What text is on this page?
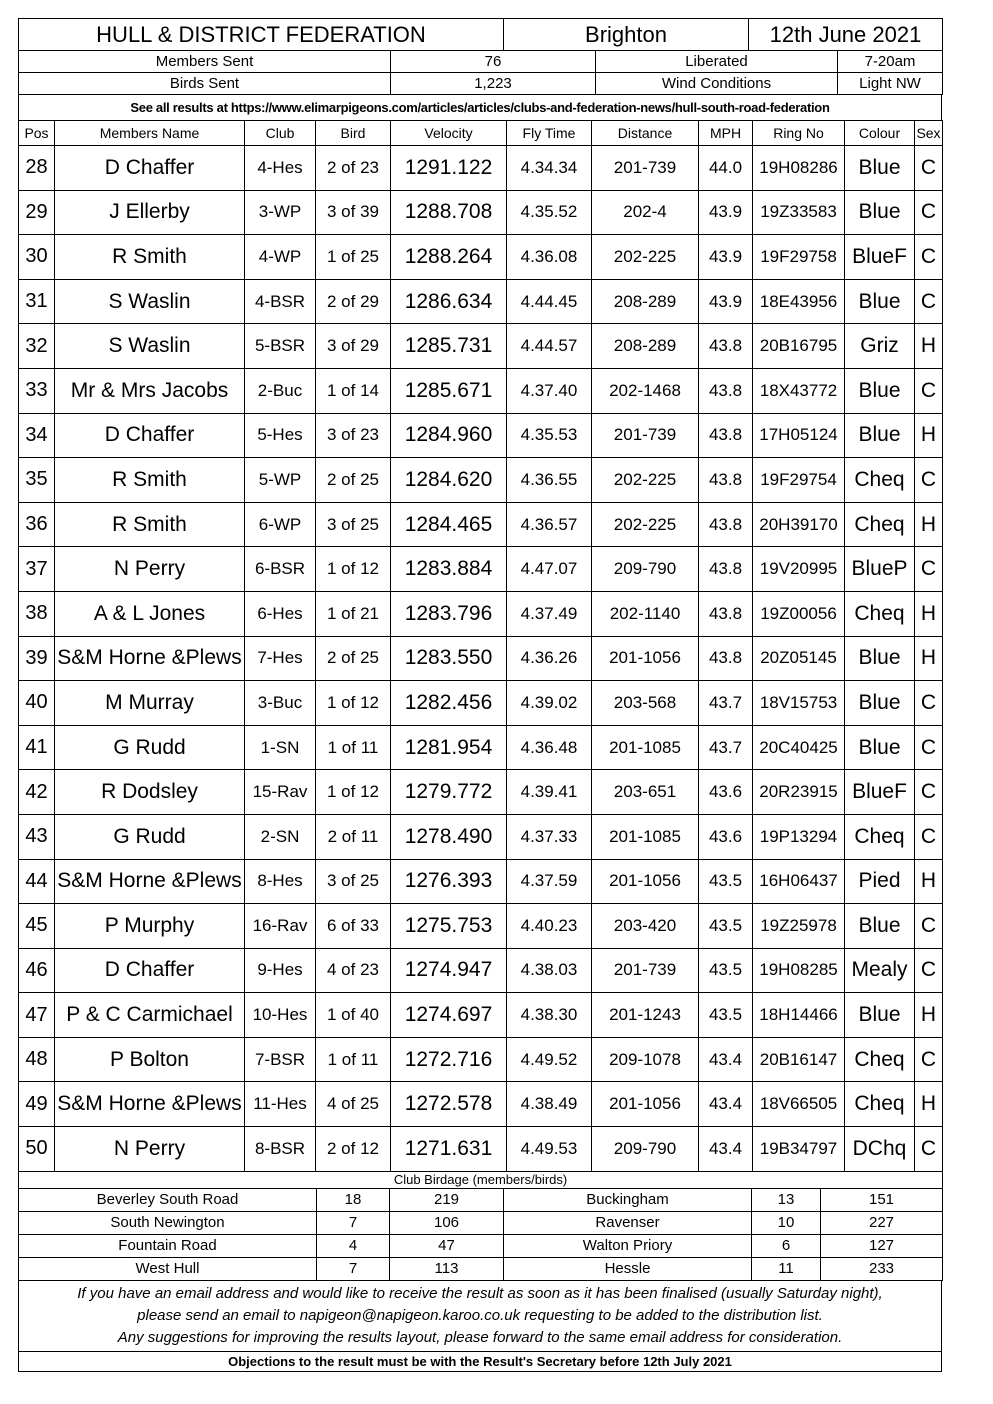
HULL & DISTRICT FEDERATION	Brighton	12th June 2021
Members Sent	76	Liberated	7-20am
Birds Sent	1,223	Wind Conditions	Light NW
See all results at https://www.elimarpigeons.com/articles/articles/clubs-and-federation-news/hull-south-road-federation
Pos	Members Name	Club	Bird	Velocity	Fly Time	Distance	MPH	Ring No	Colour	Sex
28	D Chaffer	4-Hes	2 of 23	1291.122	4.34.34	201-739	44.0	19H08286	Blue	C
29	J Ellerby	3-WP	3 of 39	1288.708	4.35.52	202-4	43.9	19Z33583	Blue	C
30	R Smith	4-WP	1 of 25	1288.264	4.36.08	202-225	43.9	19F29758	BlueF	C
31	S Waslin	4-BSR	2 of 29	1286.634	4.44.45	208-289	43.9	18E43956	Blue	C
32	S Waslin	5-BSR	3 of 29	1285.731	4.44.57	208-289	43.8	20B16795	Griz	H
33	Mr & Mrs Jacobs	2-Buc	1 of 14	1285.671	4.37.40	202-1468	43.8	18X43772	Blue	C
34	D Chaffer	5-Hes	3 of 23	1284.960	4.35.53	201-739	43.8	17H05124	Blue	H
35	R Smith	5-WP	2 of 25	1284.620	4.36.55	202-225	43.8	19F29754	Cheq	C
36	R Smith	6-WP	3 of 25	1284.465	4.36.57	202-225	43.8	20H39170	Cheq	H
37	N Perry	6-BSR	1 of 12	1283.884	4.47.07	209-790	43.8	19V20995	BlueP	C
38	A & L Jones	6-Hes	1 of 21	1283.796	4.37.49	202-1140	43.8	19Z00056	Cheq	H
39	S&M Horne &Plews	7-Hes	2 of 25	1283.550	4.36.26	201-1056	43.8	20Z05145	Blue	H
40	M Murray	3-Buc	1 of 12	1282.456	4.39.02	203-568	43.7	18V15753	Blue	C
41	G Rudd	1-SN	1 of 11	1281.954	4.36.48	201-1085	43.7	20C40425	Blue	C
42	R Dodsley	15-Rav	1 of 12	1279.772	4.39.41	203-651	43.6	20R23915	BlueF	C
43	G Rudd	2-SN	2 of 11	1278.490	4.37.33	201-1085	43.6	19P13294	Cheq	C
44	S&M Horne &Plews	8-Hes	3 of 25	1276.393	4.37.59	201-1056	43.5	16H06437	Pied	H
45	P Murphy	16-Rav	6 of 33	1275.753	4.40.23	203-420	43.5	19Z25978	Blue	C
46	D Chaffer	9-Hes	4 of 23	1274.947	4.38.03	201-739	43.5	19H08285	Mealy	C
47	P & C Carmichael	10-Hes	1 of 40	1274.697	4.38.30	201-1243	43.5	18H14466	Blue	H
48	P Bolton	7-BSR	1 of 11	1272.716	4.49.52	209-1078	43.4	20B16147	Cheq	C
49	S&M Horne &Plews	11-Hes	4 of 25	1272.578	4.38.49	201-1056	43.4	18V66505	Cheq	H
50	N Perry	8-BSR	2 of 12	1271.631	4.49.53	209-790	43.4	19B34797	DChq	C
Club Birdage (members/birds)					
Beverley South Road	18	219	Buckingham	13	151
South Newington	7	106	Ravenser	10	227
Fountain Road	4	47	Walton Priory	6	127
West Hull	7	113	Hessle	11	233
If you have an email address and would like to receive the result as soon as it has been finalised (usually Saturday night),
please send an email to napigeon@napigeon.karoo.co.uk requesting to be added to the distribution list.
Any suggestions for improving the results layout, please forward to the same email address for consideration.
Objections to the result must be with the Result's Secretary before 12th July 2021
